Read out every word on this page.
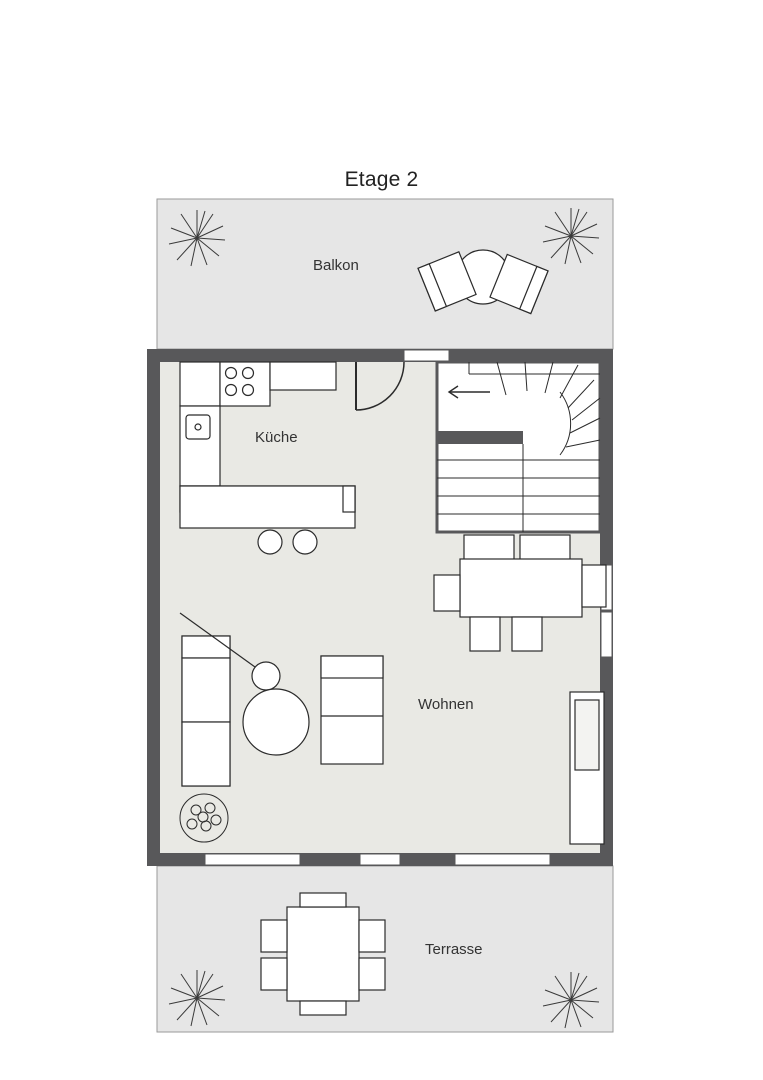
Etage 2
Balkon
Küche
Wohnen
Terrasse
